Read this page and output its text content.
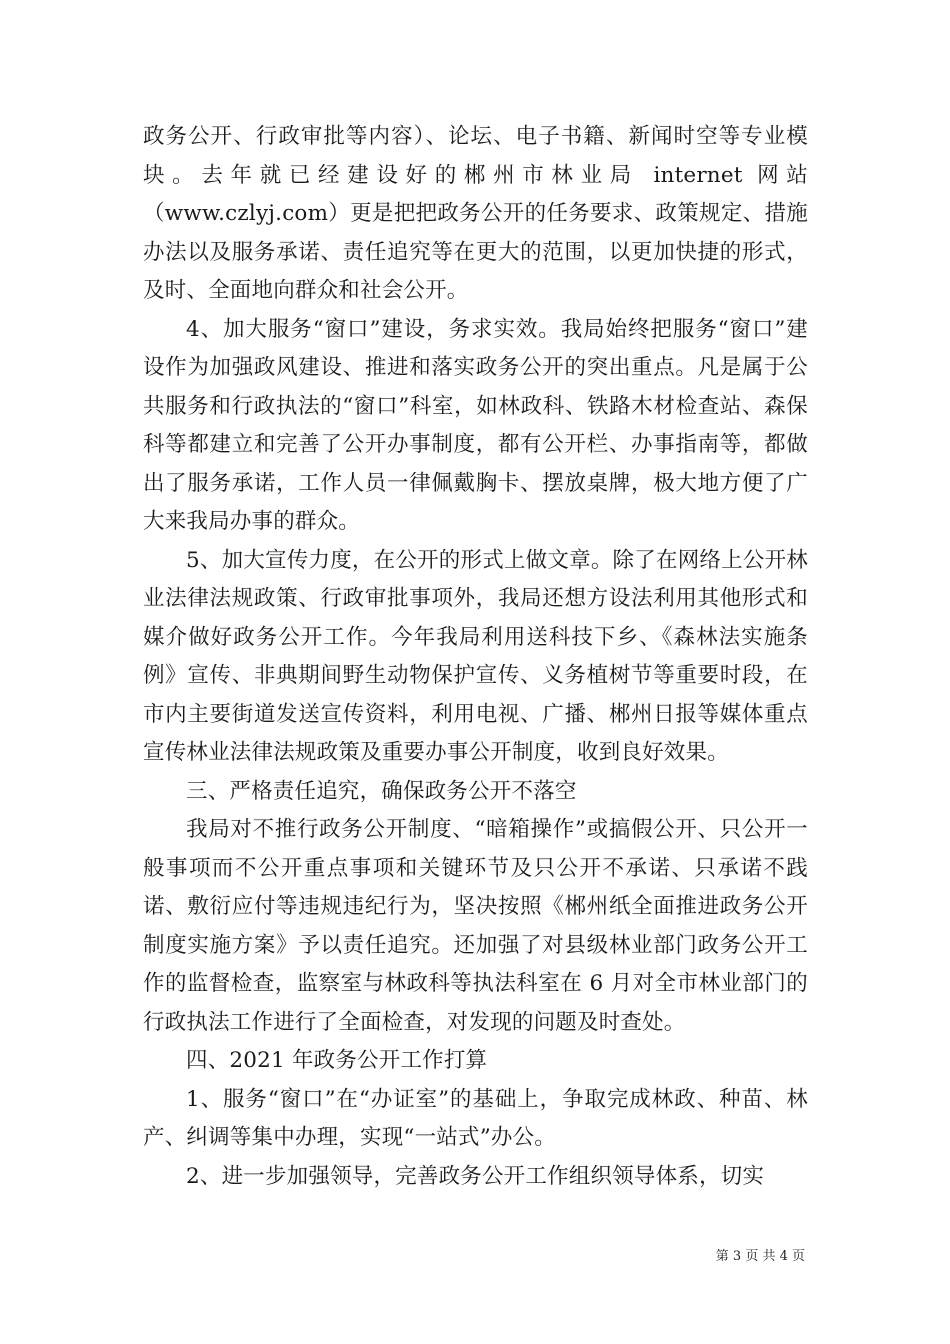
政务公开、行政审批等内容）、论坛、电子书籍、新闻时空等专业模块。去年就已经建设好的郴州市林业局 internet 网站（www.czlyj.com）更是把把政务公开的任务要求、政策规定、措施办法以及服务承诺、责任追究等在更大的范围，以更加快捷的形式，及时、全面地向群众和社会公开。

4、加大服务“窗口”建设，务求实效。我局始终把服务“窗口”建设作为加强政风建设、推进和落实政务公开的突出重点。凡是属于公共服务和行政执法的“窗口”科室，如林政科、铁路木材检查站、森保科等都建立和完善了公开办事制度，都有公开栏、办事指南等，都做出了服务承诺，工作人员一律佩戴胸卡、摆放桌牌，极大地方便了广大来我局办事的群众。

5、加大宣传力度，在公开的形式上做文章。除了在网络上公开林业法律法规政策、行政审批事项外，我局还想方设法利用其他形式和媒介做好政务公开工作。今年我局利用送科技下乡、《森林法实施条例》宣传、非典期间野生动物保护宣传、义务植树节等重要时段，在市内主要街道发送宣传资料，利用电视、广播、郴州日报等媒体重点宣传林业法律法规政策及重要办事公开制度，收到良好效果。

三、严格责任追究，确保政务公开不落空

我局对不推行政务公开制度、“暗箱操作”或搞假公开、只公开一般事项而不公开重点事项和关键环节及只公开不承诺、只承诺不践诺、敷衍应付等违规违纪行为，坚决按照《郴州纸全面推进政务公开制度实施方案》予以责任追究。还加强了对县级林业部门政务公开工作的监督检查，监察室与林政科等执法科室在 6 月对全市林业部门的行政执法工作进行了全面检查，对发现的问题及时查处。

四、2021 年政务公开工作打算

1、服务“窗口”在“办证室”的基础上，争取完成林政、种苗、林产、纠调等集中办理，实现“一站式”办公。

2、进一步加强领导，完善政务公开工作组织领导体系，切实

第 3 页 共 4 页
